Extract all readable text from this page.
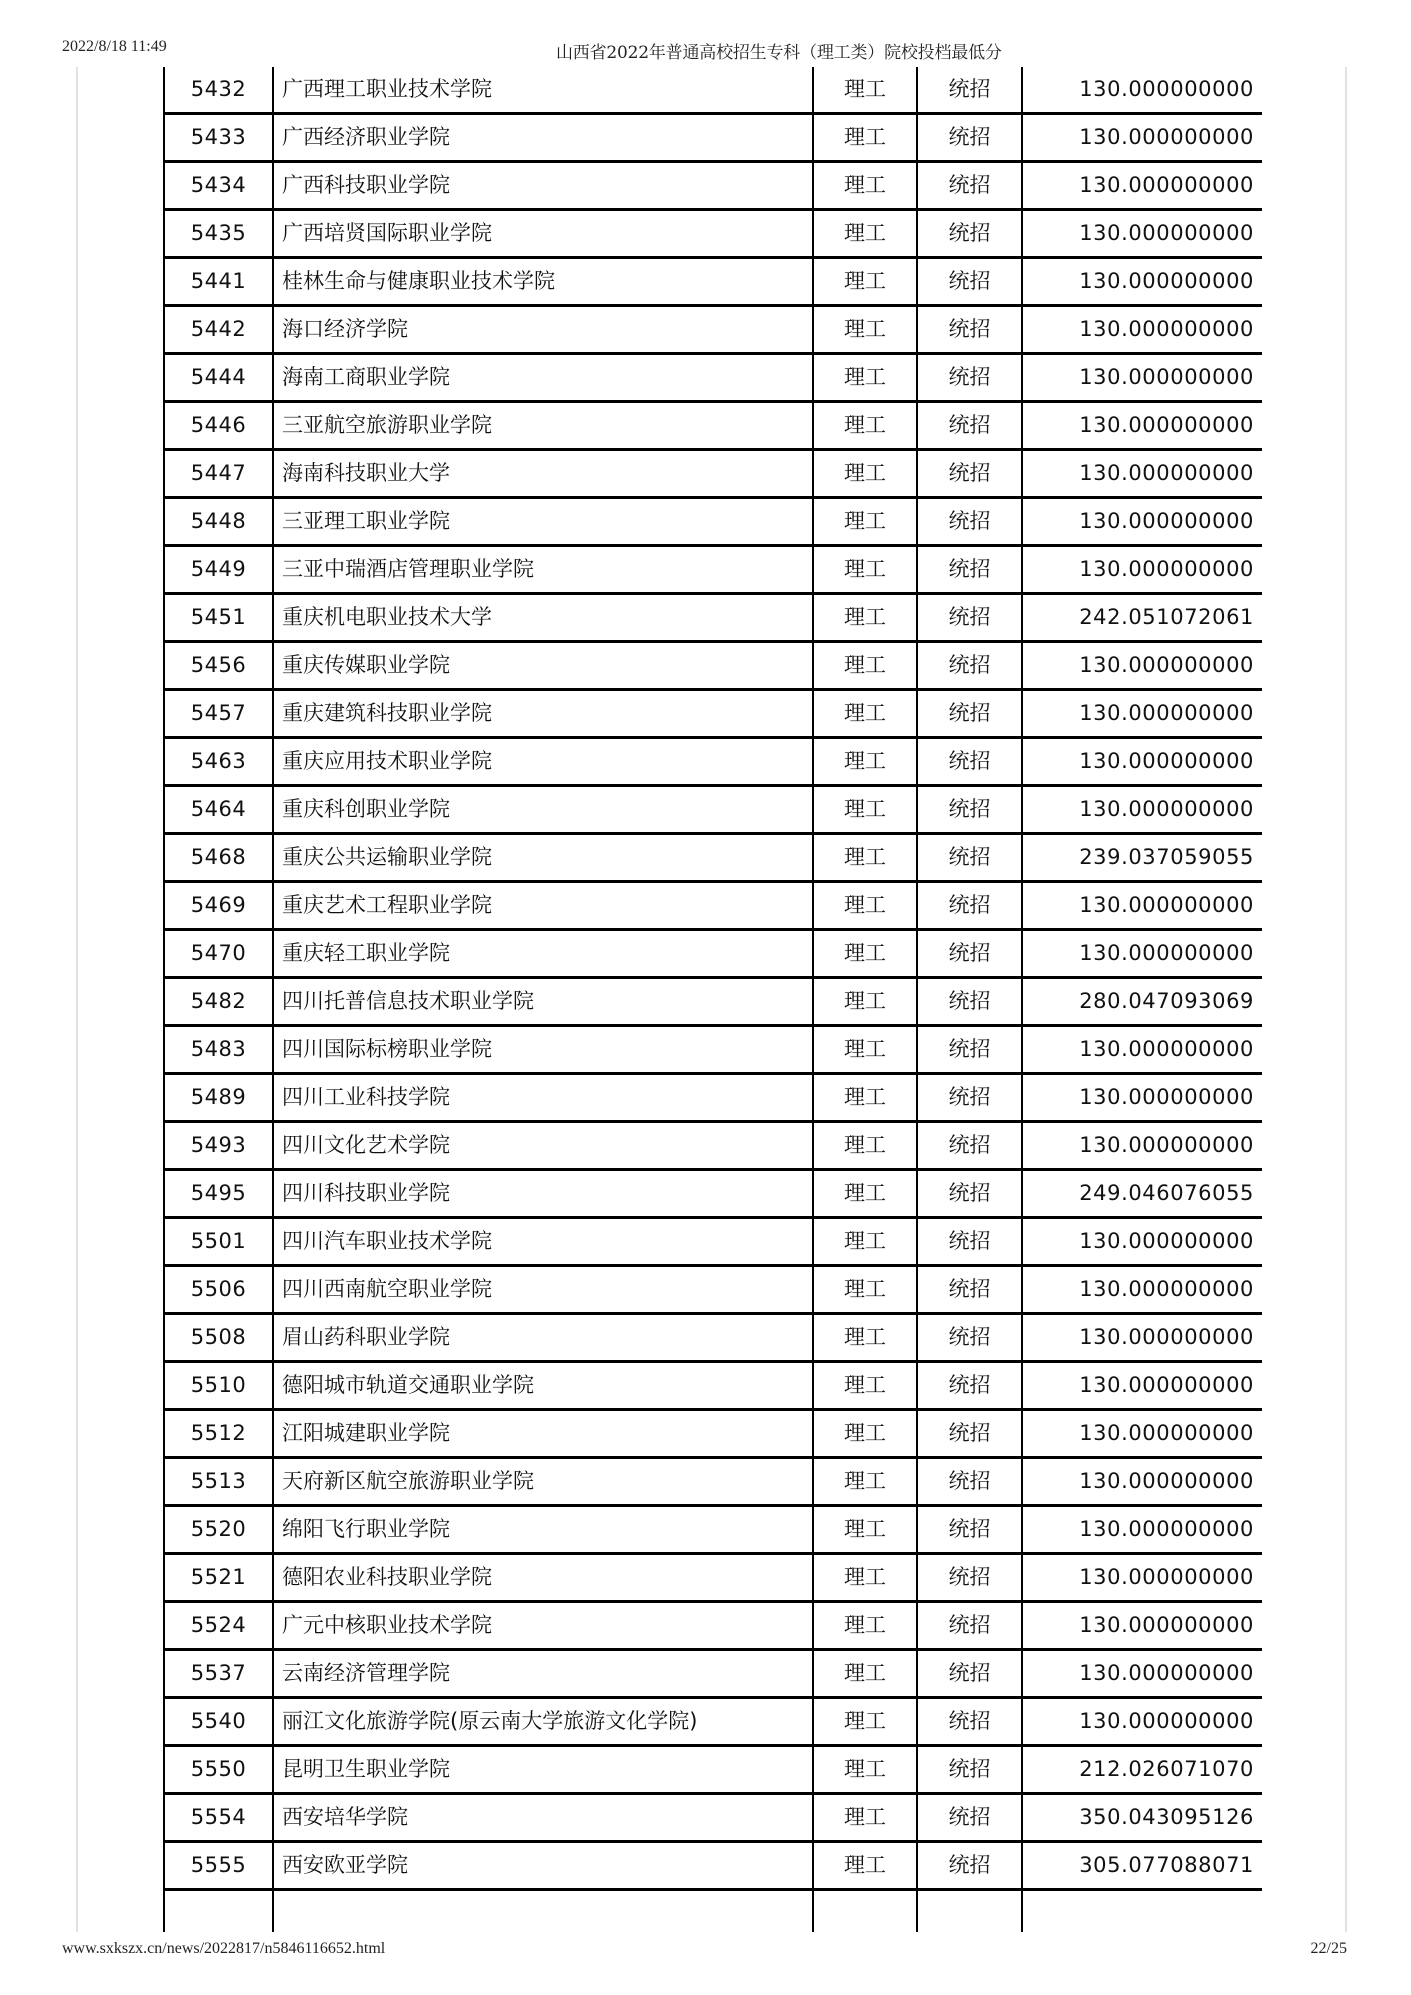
2022/8/18 11:49	山西省2022年普通高校招生专科（理工类）院校投档最低分
5432	广西理工职业技术学院	理工	统招	130.000000000
5433	广西经济职业学院	理工	统招	130.000000000
5434	广西科技职业学院	理工	统招	130.000000000
5435	广西培贤国际职业学院	理工	统招	130.000000000
5441	桂林生命与健康职业技术学院	理工	统招	130.000000000
5442	海口经济学院	理工	统招	130.000000000
5444	海南工商职业学院	理工	统招	130.000000000
5446	三亚航空旅游职业学院	理工	统招	130.000000000
5447	海南科技职业大学	理工	统招	130.000000000
5448	三亚理工职业学院	理工	统招	130.000000000
5449	三亚中瑞酒店管理职业学院	理工	统招	130.000000000
5451	重庆机电职业技术大学	理工	统招	242.051072061
5456	重庆传媒职业学院	理工	统招	130.000000000
5457	重庆建筑科技职业学院	理工	统招	130.000000000
5463	重庆应用技术职业学院	理工	统招	130.000000000
5464	重庆科创职业学院	理工	统招	130.000000000
5468	重庆公共运输职业学院	理工	统招	239.037059055
5469	重庆艺术工程职业学院	理工	统招	130.000000000
5470	重庆轻工职业学院	理工	统招	130.000000000
5482	四川托普信息技术职业学院	理工	统招	280.047093069
5483	四川国际标榜职业学院	理工	统招	130.000000000
5489	四川工业科技学院	理工	统招	130.000000000
5493	四川文化艺术学院	理工	统招	130.000000000
5495	四川科技职业学院	理工	统招	249.046076055
5501	四川汽车职业技术学院	理工	统招	130.000000000
5506	四川西南航空职业学院	理工	统招	130.000000000
5508	眉山药科职业学院	理工	统招	130.000000000
5510	德阳城市轨道交通职业学院	理工	统招	130.000000000
5512	江阳城建职业学院	理工	统招	130.000000000
5513	天府新区航空旅游职业学院	理工	统招	130.000000000
5520	绵阳飞行职业学院	理工	统招	130.000000000
5521	德阳农业科技职业学院	理工	统招	130.000000000
5524	广元中核职业技术学院	理工	统招	130.000000000
5537	云南经济管理学院	理工	统招	130.000000000
5540	丽江文化旅游学院(原云南大学旅游文化学院)	理工	统招	130.000000000
5550	昆明卫生职业学院	理工	统招	212.026071070
5554	西安培华学院	理工	统招	350.043095126
5555	西安欧亚学院	理工	统招	305.077088071

www.sxkszx.cn/news/2022817/n5846116652.html	22/25
